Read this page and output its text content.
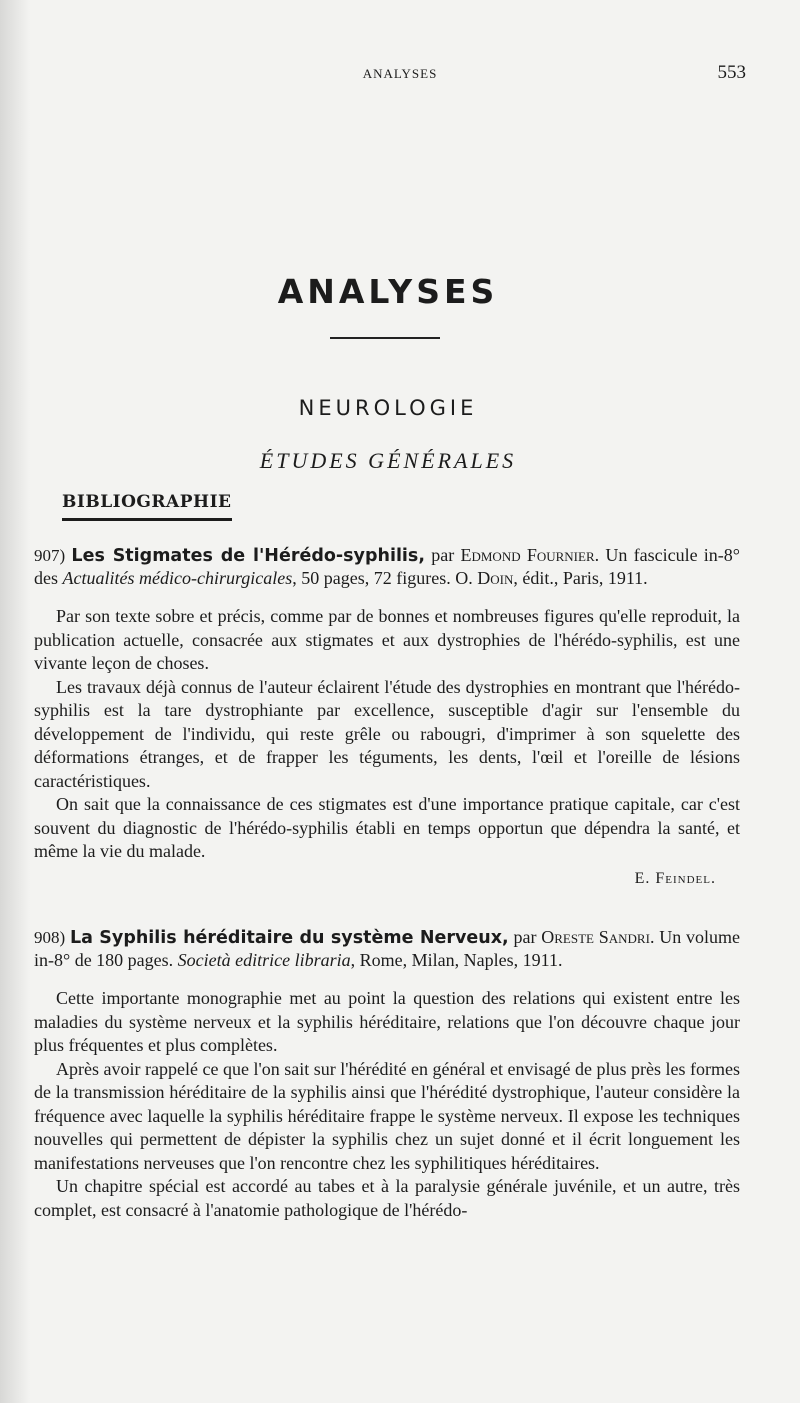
ANALYSES	553
ANALYSES
NEUROLOGIE
ÉTUDES GÉNÉRALES
BIBLIOGRAPHIE

907) Les Stigmates de l'Hérédo-syphilis, par Edmond Fournier. Un fascicule in-8° des Actualités médico-chirurgicales, 50 pages, 72 figures. O. Doin, édit., Paris, 1911.

Par son texte sobre et précis, comme par de bonnes et nombreuses figures qu'elle reproduit, la publication actuelle, consacrée aux stigmates et aux dystrophies de l'hérédo-syphilis, est une vivante leçon de choses.

Les travaux déjà connus de l'auteur éclairent l'étude des dystrophies en montrant que l'hérédo-syphilis est la tare dystrophiante par excellence, susceptible d'agir sur l'ensemble du développement de l'individu, qui reste grêle ou rabougri, d'imprimer à son squelette des déformations étranges, et de frapper les téguments, les dents, l'œil et l'oreille de lésions caractéristiques.

On sait que la connaissance de ces stigmates est d'une importance pratique capitale, car c'est souvent du diagnostic de l'hérédo-syphilis établi en temps opportun que dépendra la santé, et même la vie du malade.

E. Feindel.

908) La Syphilis héréditaire du système Nerveux, par Oreste Sandri. Un volume in-8° de 180 pages. Società editrice libraria, Rome, Milan, Naples, 1911.

Cette importante monographie met au point la question des relations qui existent entre les maladies du système nerveux et la syphilis héréditaire, relations que l'on découvre chaque jour plus fréquentes et plus complètes.

Après avoir rappelé ce que l'on sait sur l'hérédité en général et envisagé de plus près les formes de la transmission héréditaire de la syphilis ainsi que l'hérédité dystrophique, l'auteur considère la fréquence avec laquelle la syphilis héréditaire frappe le système nerveux. Il expose les techniques nouvelles qui permettent de dépister la syphilis chez un sujet donné et il écrit longuement les manifestations nerveuses que l'on rencontre chez les syphilitiques héréditaires.

Un chapitre spécial est accordé au tabes et à la paralysie générale juvénile, et un autre, très complet, est consacré à l'anatomie pathologique de l'hérédo-
